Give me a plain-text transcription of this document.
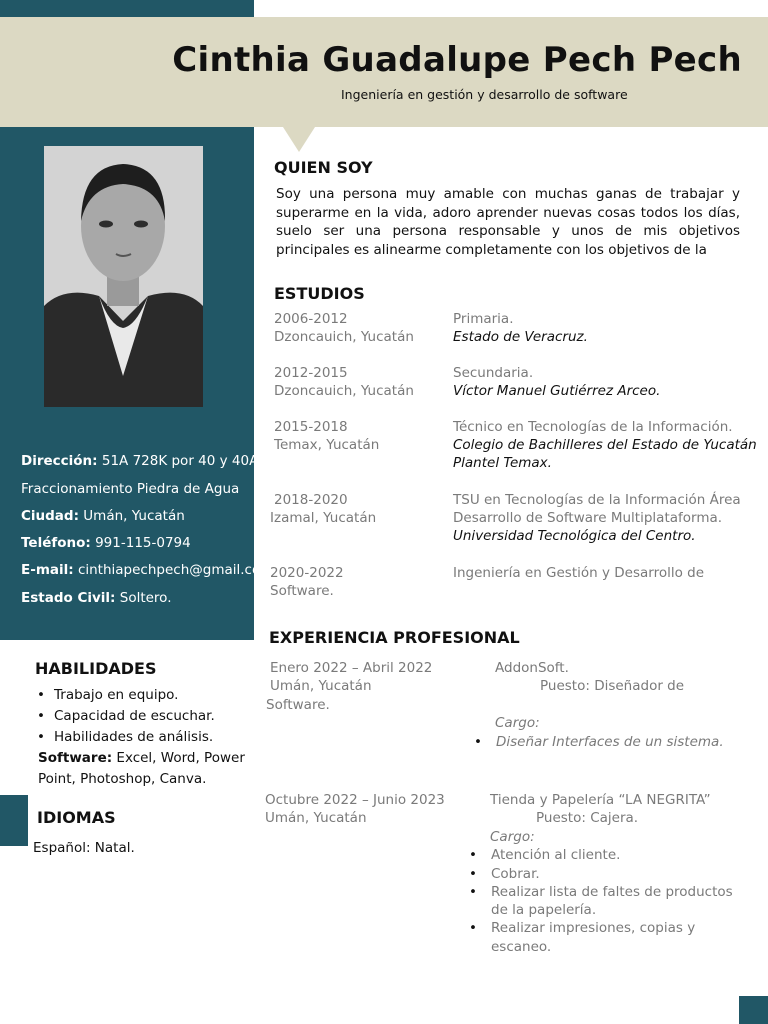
Cinthia Guadalupe Pech Pech
Ingeniería en gestión y desarrollo de software
Dirección: 51A 728K por 40 y 40A
Fraccionamiento Piedra de Agua
Ciudad: Umán, Yucatán
Teléfono: 991-115-0794
E-mail: cinthiapechpech@gmail.com
Estado Civil: Soltero.
QUIEN SOY
Soy una persona muy amable con muchas ganas de trabajar y superarme en la vida, adoro aprender nuevas cosas todos los días, suelo ser una persona responsable y unos de mis objetivos principales es alinearme completamente con los objetivos de la
ESTUDIOS
2006-2012
Dzoncauich, Yucatán
Primaria.
Estado de Veracruz.
2012-2015
Dzoncauich, Yucatán
Secundaria.
Víctor Manuel Gutiérrez Arceo.
2015-2018
Temax, Yucatán
Técnico en Tecnologías de la Información.
Colegio de Bachilleres del Estado de Yucatán
Plantel Temax.
2018-2020
Izamal, Yucatán
TSU en Tecnologías de la Información Área
Desarrollo de Software Multiplataforma.
Universidad Tecnológica del Centro.
2020-2022
Software.
Ingeniería en Gestión y Desarrollo de
EXPERIENCIA PROFESIONAL
Enero 2022 – Abril 2022
Umán, Yucatán
Software.
AddonSoft.
Puesto: Diseñador de
Cargo:
• Diseñar Interfaces de un sistema.
Octubre 2022 – Junio 2023
Umán, Yucatán
Tienda y Papelería “LA NEGRITA”
Puesto: Cajera.
Cargo:
• Atención al cliente.
• Cobrar.
• Realizar lista de faltes de productos
de la papelería.
• Realizar impresiones, copias y
escaneo.
HABILIDADES
• Trabajo en equipo.
• Capacidad de escuchar.
• Habilidades de análisis.
Software: Excel, Word, Power
Point, Photoshop, Canva.
IDIOMAS
Español: Natal.
